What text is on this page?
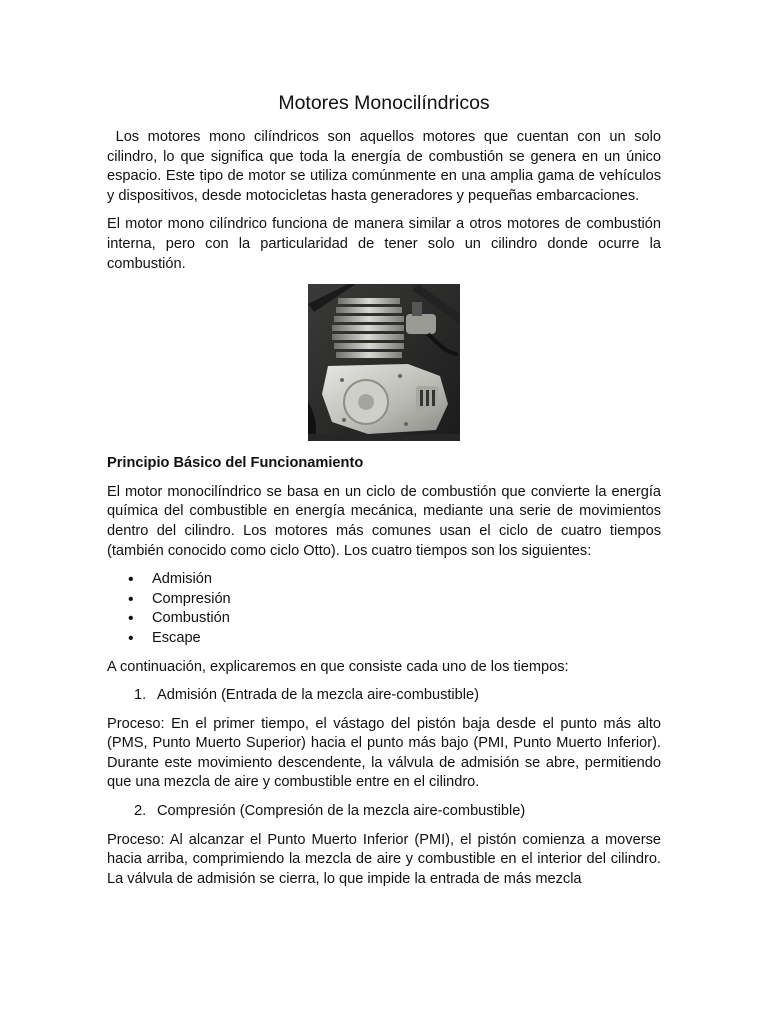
Motores Monocilíndricos

Los motores mono cilíndricos son aquellos motores que cuentan con un solo cilindro, lo que significa que toda la energía de combustión se genera en un único espacio. Este tipo de motor se utiliza comúnmente en una amplia gama de vehículos y dispositivos, desde motocicletas hasta generadores y pequeñas embarcaciones.

El motor mono cilíndrico funciona de manera similar a otros motores de combustión interna, pero con la particularidad de tener solo un cilindro donde ocurre la combustión.

Principio Básico del Funcionamiento

El motor monocilíndrico se basa en un ciclo de combustión que convierte la energía química del combustible en energía mecánica, mediante una serie de movimientos dentro del cilindro. Los motores más comunes usan el ciclo de cuatro tiempos (también conocido como ciclo Otto). Los cuatro tiempos son los siguientes:

• Admisión
• Compresión
• Combustión
• Escape

A continuación, explicaremos en que consiste cada uno de los tiempos:

1. Admisión (Entrada de la mezcla aire-combustible)

Proceso: En el primer tiempo, el vástago del pistón baja desde el punto más alto (PMS, Punto Muerto Superior) hacia el punto más bajo (PMI, Punto Muerto Inferior). Durante este movimiento descendente, la válvula de admisión se abre, permitiendo que una mezcla de aire y combustible entre en el cilindro.

2. Compresión (Compresión de la mezcla aire-combustible)

Proceso: Al alcanzar el Punto Muerto Inferior (PMI), el pistón comienza a moverse hacia arriba, comprimiendo la mezcla de aire y combustible en el interior del cilindro. La válvula de admisión se cierra, lo que impide la entrada de más mezcla
